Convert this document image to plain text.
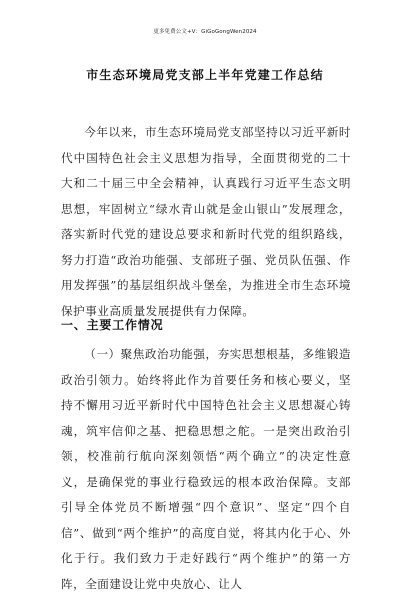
更多免费公文+V：GiGoGongWen2024
市生态环境局党支部上半年党建工作总结

今年以来，市生态环境局党支部坚持以习近平新时代中国特色社会主义思想为指导，全面贯彻党的二十大和二十届三中全会精神，认真践行习近平生态文明思想，牢固树立“绿水青山就是金山银山”发展理念，落实新时代党的建设总要求和新时代党的组织路线，努力打造“政治功能强、支部班子强、党员队伍强、作用发挥强”的基层组织战斗堡垒，为推进全市生态环境保护事业高质量发展提供有力保障。

一、主要工作情况

（一）聚焦政治功能强，夯实思想根基，多维锻造政治引领力。始终将此作为首要任务和核心要义，坚持不懈用习近平新时代中国特色社会主义思想凝心铸魂，筑牢信仰之基、把稳思想之舵。一是突出政治引领，校准前行航向深刻领悟“两个确立”的决定性意义，是确保党的事业行稳致远的根本政治保障。支部引导全体党员不断增强“四个意识”、坚定“四个自信”、做到“两个维护”的高度自觉，将其内化于心、外化于行。我们致力于走好践行“两个维护”的第一方阵，全面建设让党中央放心、让人
